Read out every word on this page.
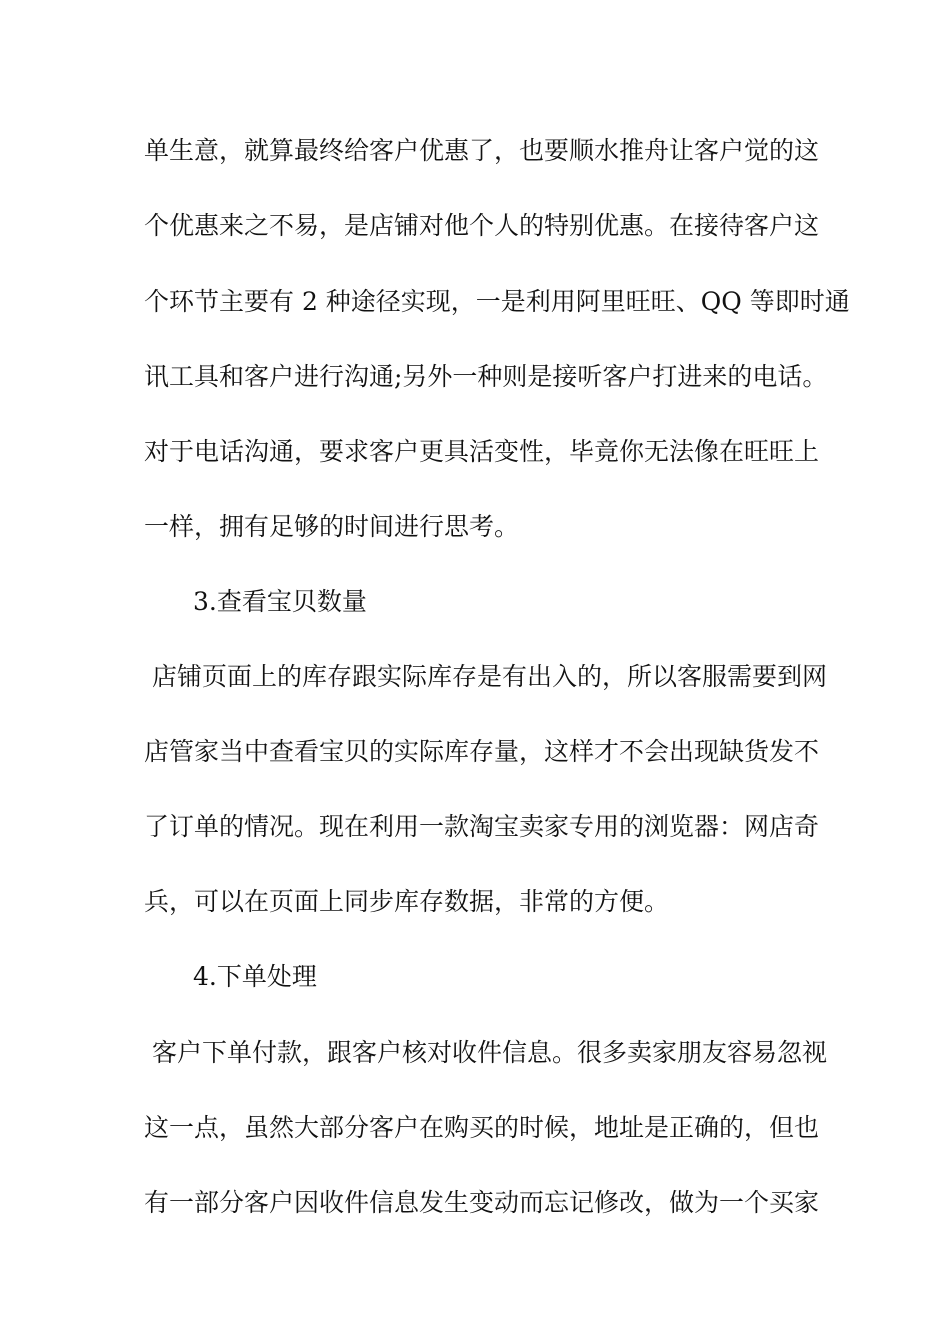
单生意，就算最终给客户优惠了，也要顺水推舟让客户觉的这
个优惠来之不易，是店铺对他个人的特别优惠。在接待客户这
个环节主要有 2 种途径实现，一是利用阿里旺旺、QQ 等即时通
讯工具和客户进行沟通;另外一种则是接听客户打进来的电话。
对于电话沟通，要求客户更具活变性，毕竟你无法像在旺旺上
一样，拥有足够的时间进行思考。
3.查看宝贝数量
店铺页面上的库存跟实际库存是有出入的，所以客服需要到网
店管家当中查看宝贝的实际库存量，这样才不会出现缺货发不
了订单的情况。现在利用一款淘宝卖家专用的浏览器：网店奇
兵，可以在页面上同步库存数据，非常的方便。
4.下单处理
客户下单付款，跟客户核对收件信息。很多卖家朋友容易忽视
这一点，虽然大部分客户在购买的时候，地址是正确的，但也
有一部分客户因收件信息发生变动而忘记修改，做为一个买家
